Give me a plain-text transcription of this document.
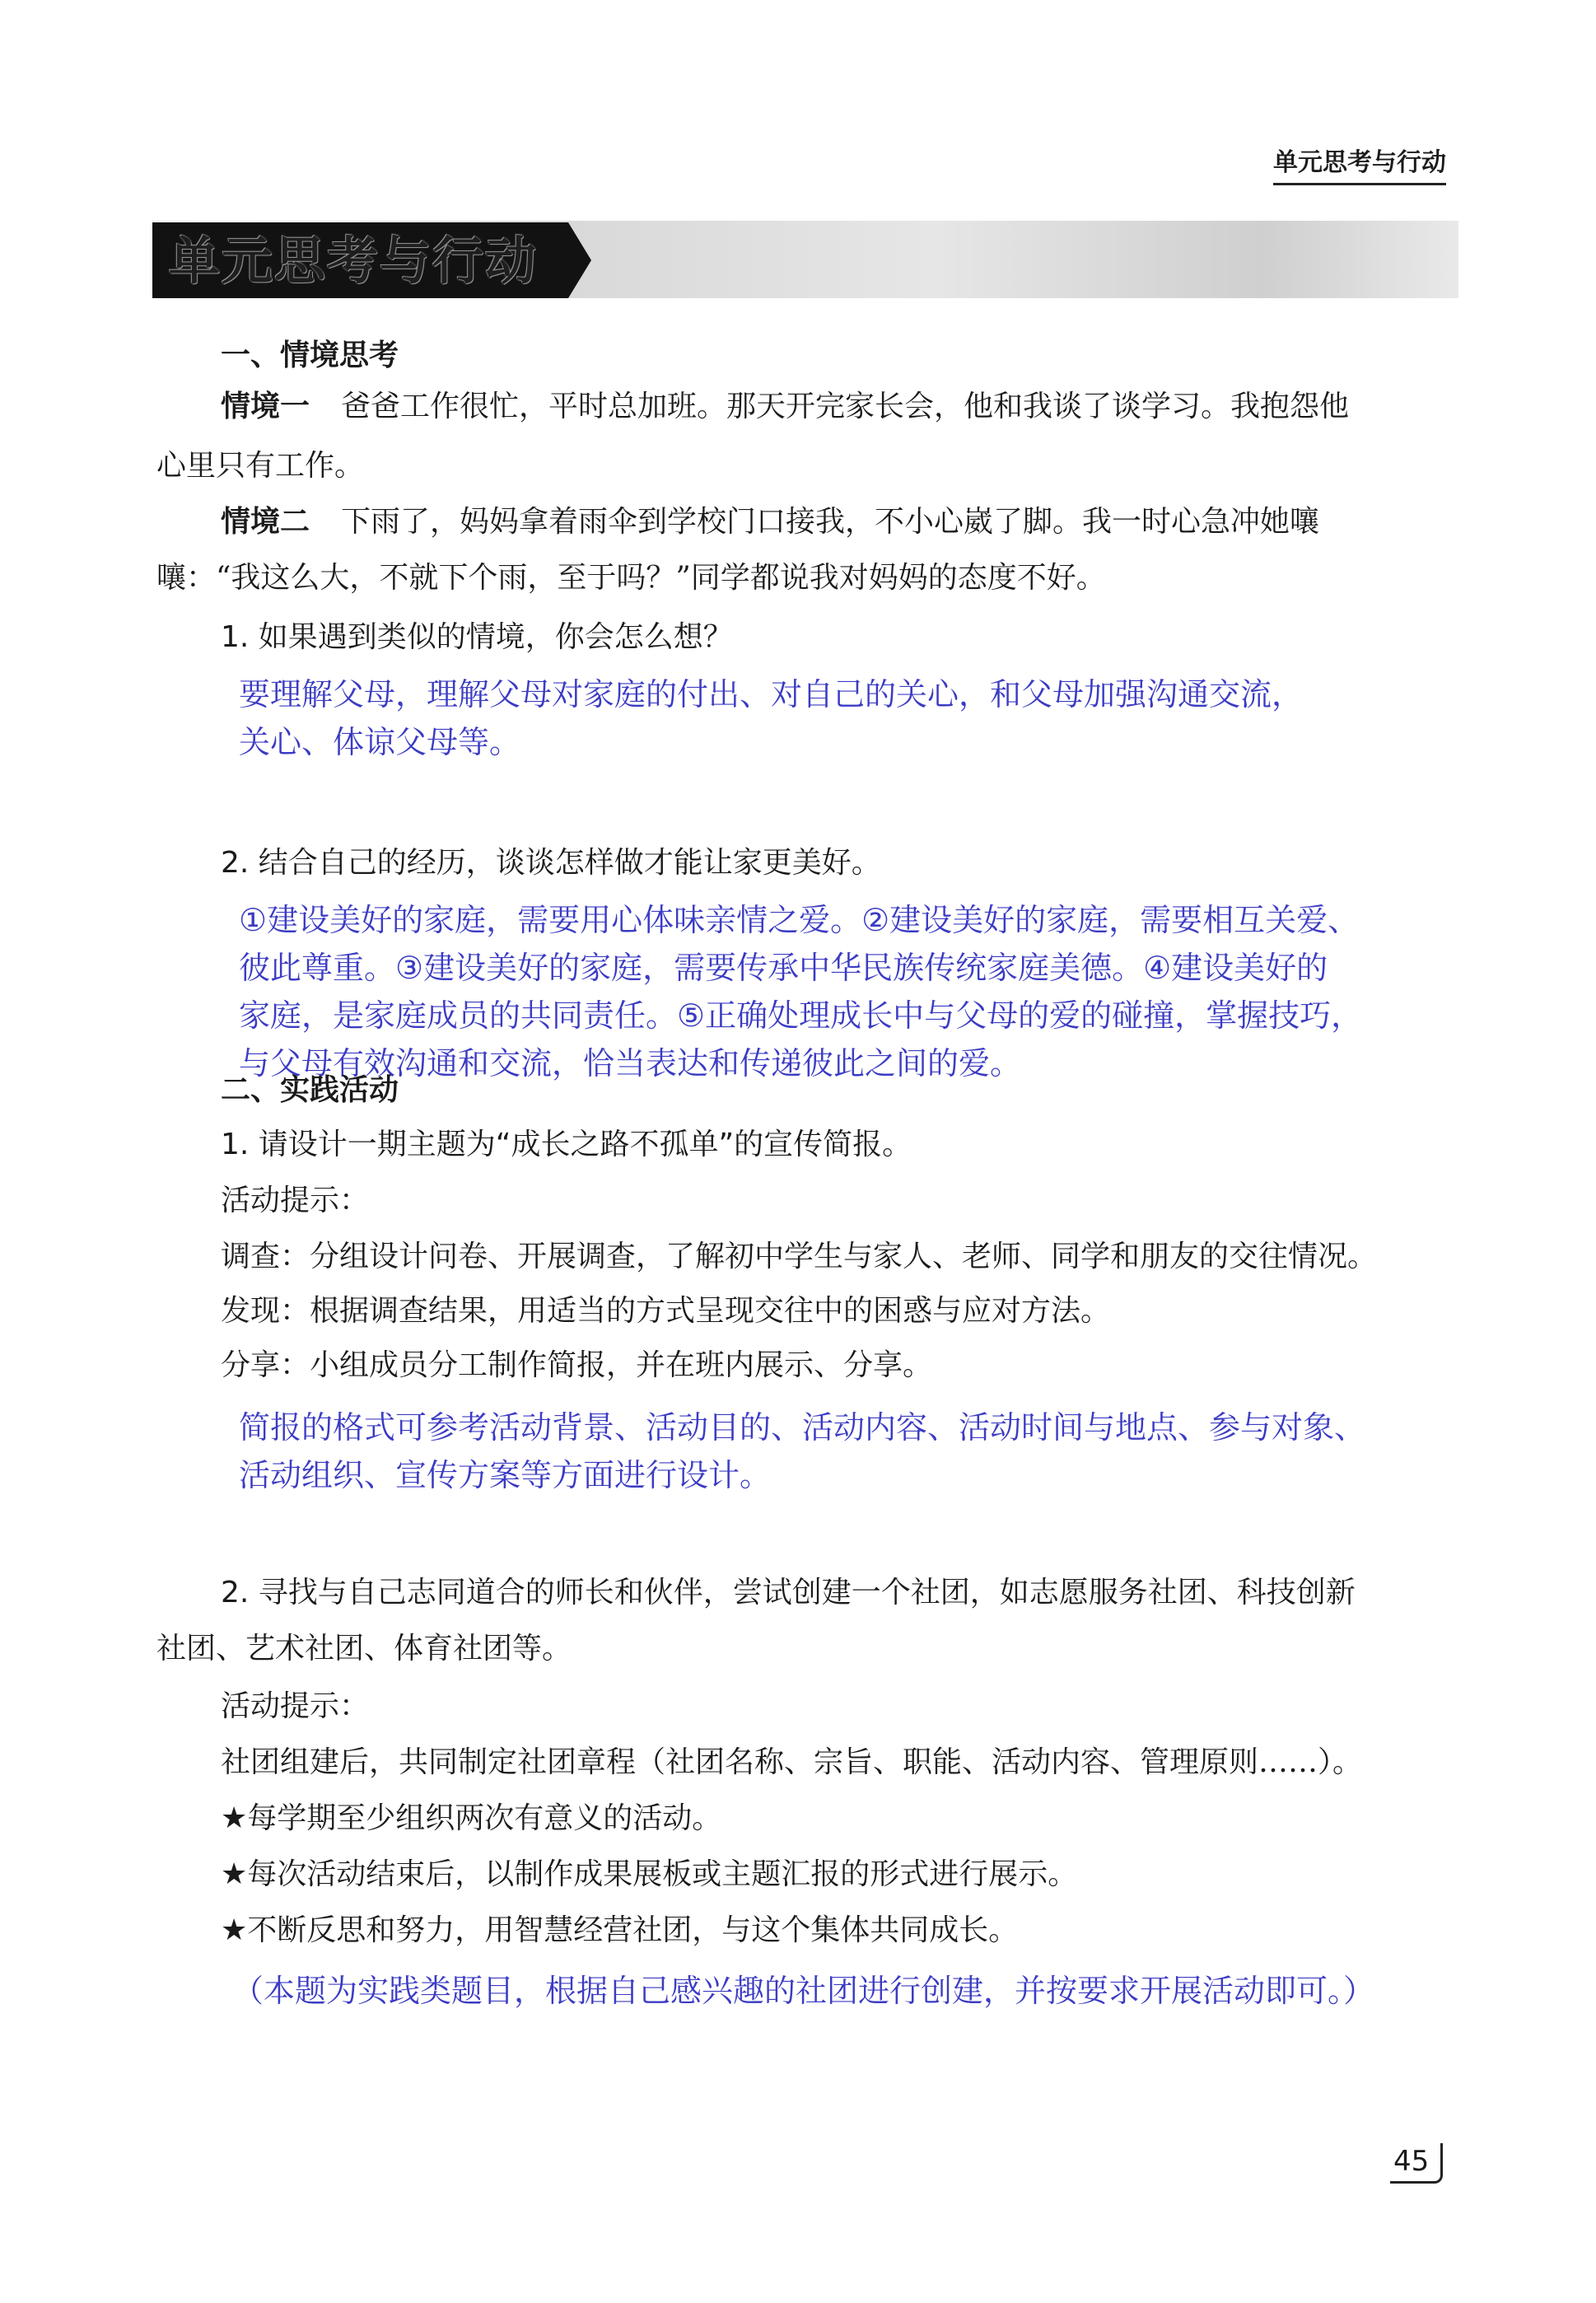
单元思考与行动
单元思考与行动
一、情境思考
情境一 爸爸工作很忙，平时总加班。那天开完家长会，他和我谈了谈学习。我抱怨他
心里只有工作。
情境二 下雨了，妈妈拿着雨伞到学校门口接我，不小心崴了脚。我一时心急冲她嚷
嚷：“我这么大，不就下个雨，至于吗？”同学都说我对妈妈的态度不好。
1. 如果遇到类似的情境，你会怎么想？
要理解父母，理解父母对家庭的付出、对自己的关心，和父母加强沟通交流，
关心、体谅父母等。
2. 结合自己的经历，谈谈怎样做才能让家更美好。
①建设美好的家庭，需要用心体味亲情之爱。②建设美好的家庭，需要相互关爱、
彼此尊重。③建设美好的家庭，需要传承中华民族传统家庭美德。④建设美好的
家庭，是家庭成员的共同责任。⑤正确处理成长中与父母的爱的碰撞，掌握技巧，
与父母有效沟通和交流，恰当表达和传递彼此之间的爱。
二、实践活动
1. 请设计一期主题为“成长之路不孤单”的宣传简报。
活动提示：
调查：分组设计问卷、开展调查，了解初中学生与家人、老师、同学和朋友的交往情况。
发现：根据调查结果，用适当的方式呈现交往中的困惑与应对方法。
分享：小组成员分工制作简报，并在班内展示、分享。
简报的格式可参考活动背景、活动目的、活动内容、活动时间与地点、参与对象、
活动组织、宣传方案等方面进行设计。
2. 寻找与自己志同道合的师长和伙伴，尝试创建一个社团，如志愿服务社团、科技创新
社团、艺术社团、体育社团等。
活动提示：
社团组建后，共同制定社团章程（社团名称、宗旨、职能、活动内容、管理原则……）。
★每学期至少组织两次有意义的活动。
★每次活动结束后，以制作成果展板或主题汇报的形式进行展示。
★不断反思和努力，用智慧经营社团，与这个集体共同成长。
（本题为实践类题目，根据自己感兴趣的社团进行创建，并按要求开展活动即可。）
45
